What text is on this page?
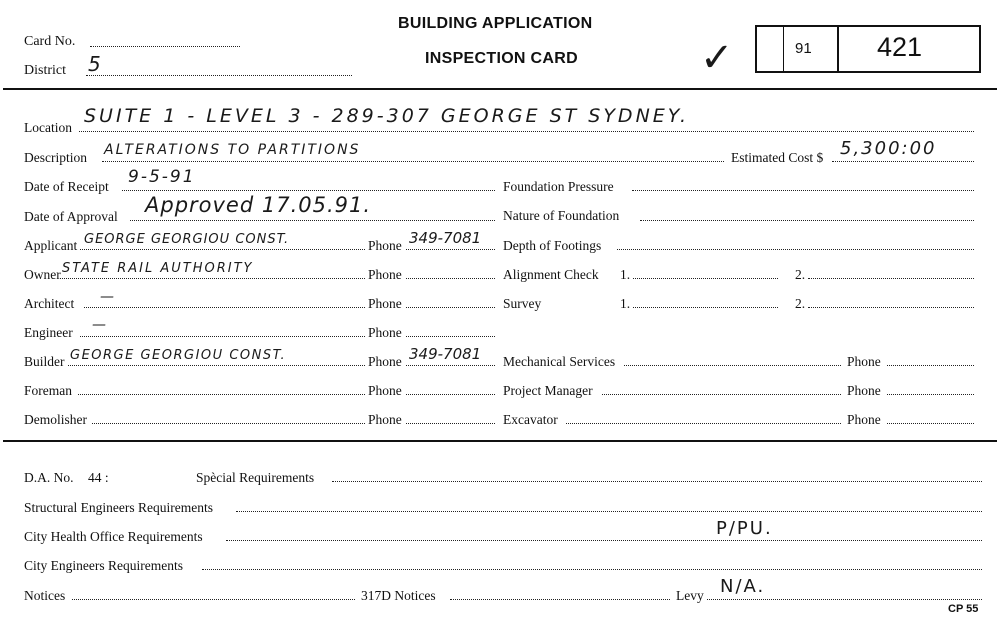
Card No.
District 5
BUILDING APPLICATION
INSPECTION CARD	✓	91 421
Location
SUITE 1 - LEVEL 3 - 289-307 GEORGE ST SYDNEY.
Description ALTERATIONS TO PARTITIONS	Estimated Cost $ 5,300:00
Date of Receipt 9-5-91	Foundation Pressure
Date of Approval Approved 17.05.91.	Nature of Foundation
Applicant GEORGE GEORGIOU CONST.	Phone 349-7081 Depth of Footings
Owner STATE RAIL AUTHORITY	Phone	Alignment Check 1.	2.
Architect —	Phone	Survey	1.	2.
Engineer —	Phone
Builder GEORGE GEORGIOU CONST.	Phone 349-7081 Mechanical Services	Phone
Foreman	Phone	Project Manager	Phone
Demolisher	Phone	Excavator	Phone
D.A. No. 44 :	Spècial Requirements
Structural Engineers Requirements
City Health Office Requirements	P/PU.
City Engineers Requirements
Notices	317D Notices	Levy N/A.
CP 55
